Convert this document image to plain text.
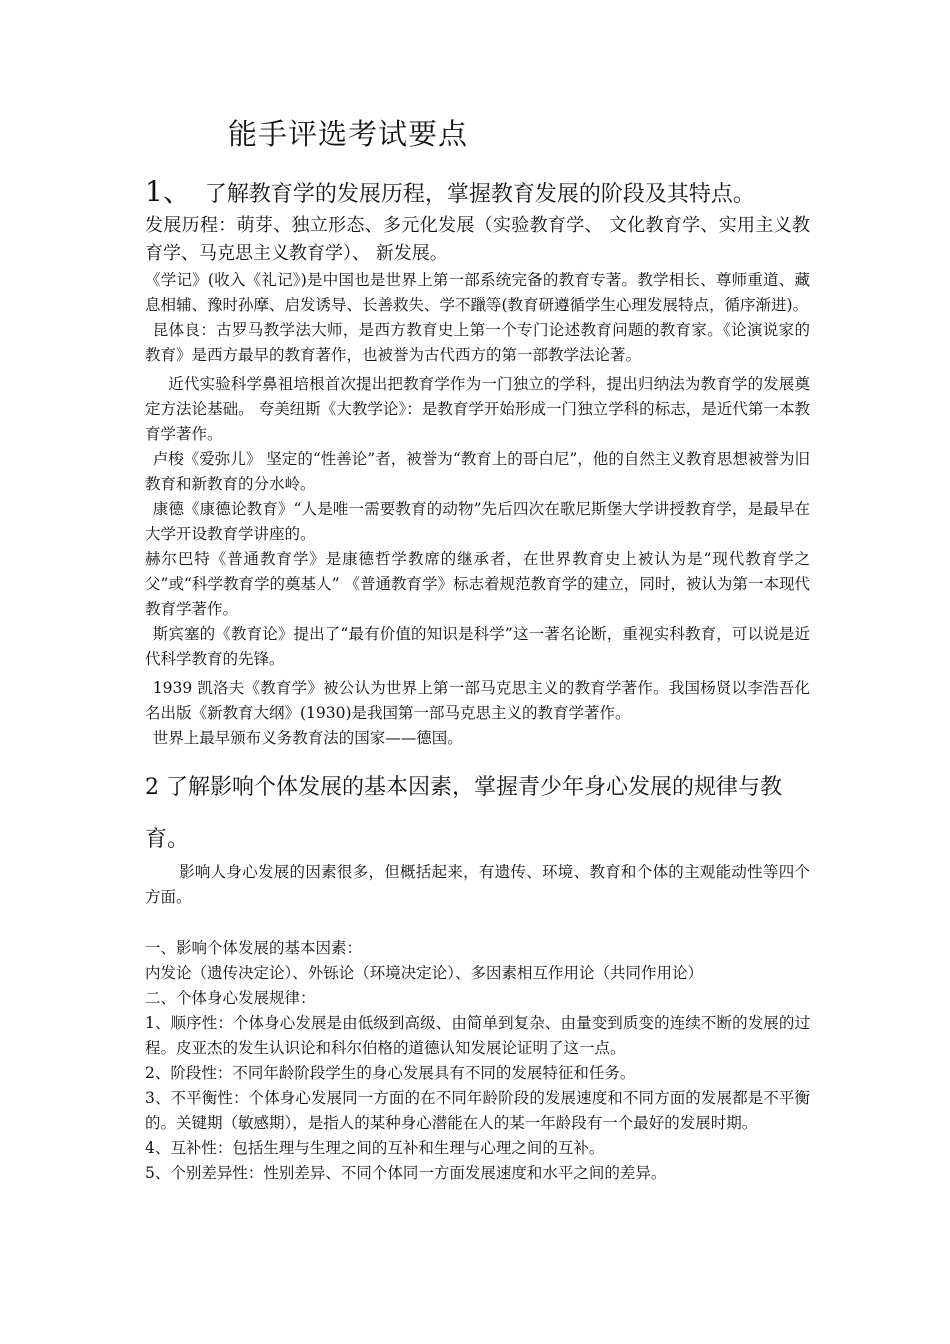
能手评选考试要点
1、 了解教育学的发展历程，掌握教育发展的阶段及其特点。

发展历程：萌芽、独立形态、多元化发展（实验教育学、 文化教育学、实用主义教育学、马克思主义教育学）、 新发展。

《学记》(收入《礼记》)是中国也是世界上第一部系统完备的教育专著。教学相长、尊师重道、藏息相辅、豫时孙摩、启发诱导、长善救失、学不躐等(教育研遵循学生心理发展特点，循序渐进)。

昆体良：古罗马教学法大师，是西方教育史上第一个专门论述教育问题的教育家。《论演说家的教育》是西方最早的教育著作，也被誉为古代西方的第一部教学法论著。

近代实验科学鼻祖培根首次提出把教育学作为一门独立的学科，提出归纳法为教育学的发展奠定方法论基础。 夸美纽斯《大教学论》：是教育学开始形成一门独立学科的标志，是近代第一本教育学著作。

卢梭《爱弥儿》 坚定的“性善论”者，被誉为“教育上的哥白尼”，他的自然主义教育思想被誉为旧教育和新教育的分水岭。

康德《康德论教育》“人是唯一需要教育的动物”先后四次在歌尼斯堡大学讲授教育学，是最早在大学开设教育学讲座的。

赫尔巴特《普通教育学》是康德哲学教席的继承者，在世界教育史上被认为是“现代教育学之父”或“科学教育学的奠基人” 《普通教育学》标志着规范教育学的建立，同时，被认为第一本现代教育学著作。

斯宾塞的《教育论》提出了“最有价值的知识是科学”这一著名论断，重视实科教育，可以说是近代科学教育的先锋。

1939 凯洛夫《教育学》被公认为世界上第一部马克思主义的教育学著作。我国杨贤以李浩吾化名出版《新教育大纲》(1930)是我国第一部马克思主义的教育学著作。

世界上最早颁布义务教育法的国家——德国。

2 了解影响个体发展的基本因素，掌握青少年身心发展的规律与教育。

影响人身心发展的因素很多，但概括起来，有遗传、环境、教育和个体的主观能动性等四个方面。

一、影响个体发展的基本因素：

内发论（遗传决定论）、外铄论（环境决定论）、多因素相互作用论（共同作用论）

二、个体身心发展规律：

1、顺序性：个体身心发展是由低级到高级、由简单到复杂、由量变到质变的连续不断的发展的过程。皮亚杰的发生认识论和科尔伯格的道德认知发展论证明了这一点。

2、阶段性：不同年龄阶段学生的身心发展具有不同的发展特征和任务。

3、不平衡性：个体身心发展同一方面的在不同年龄阶段的发展速度和不同方面的发展都是不平衡的。关键期（敏感期），是指人的某种身心潜能在人的某一年龄段有一个最好的发展时期。

4、互补性：包括生理与生理之间的互补和生理与心理之间的互补。

5、个别差异性：性别差异、不同个体同一方面发展速度和水平之间的差异。
